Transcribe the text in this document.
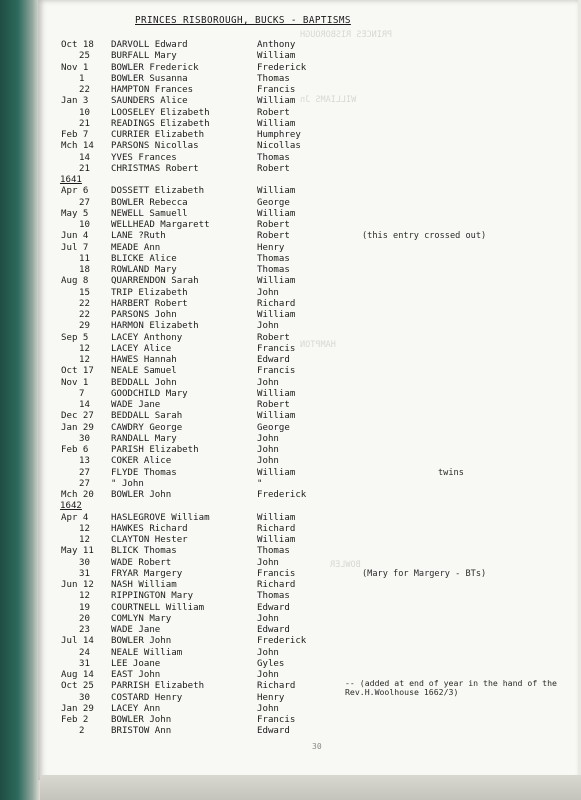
PRINCES RISBOROUGH
WILLIAMS Jn
HAMPTON
BOWLER
PRINCES RISBOROUGH, BUCKS - BAPTISMS
Oct 18 DARVOLL Edward	Anthony
25 BURFALL Mary	William
Nov 1	BOWLER Frederick	Frederick
1	BOWLER Susanna	Thomas
22 HAMPTON Frances	Francis
Jan 3	SAUNDERS Alice	William
10 LOOSELEY Elizabeth	Robert
21 READINGS Elizabeth	William
Feb 7	CURRIER Elizabeth	Humphrey
Mch 14 PARSONS Nicollas	Nicollas
14 YVES Frances	Thomas
21 CHRISTMAS Robert	Robert
1641
Apr 6	DOSSETT Elizabeth	William
27 BOWLER Rebecca	George
May 5	NEWELL Samuell	William
10 WELLHEAD Margarett	Robert
Jun 4	LANE ?Ruth	Robert	(this entry crossed out)
Jul 7	MEADE Ann	Henry
11 BLICKE Alice	Thomas
18 ROWLAND Mary	Thomas
Aug 8	QUARRENDON Sarah	William
15 TRIP Elizabeth	John
22 HARBERT Robert	Richard
22 PARSONS John	William
29 HARMON Elizabeth	John
Sep 5	LACEY Anthony	Robert
12 LACEY Alice	Francis
12 HAWES Hannah	Edward
Oct 17 NEALE Samuel	Francis
Nov 1	BEDDALL John	John
7	GOODCHILD Mary	William
14 WADE Jane	Robert
Dec 27 BEDDALL Sarah	William
Jan 29 CAWDRY George	George
30 RANDALL Mary	John
Feb 6	PARISH Elizabeth	John
13 COKER Alice	John
27 FLYDE Thomas	William	twins
27 " John	"
Mch 20 BOWLER John	Frederick
1642
Apr 4	HASLEGROVE William	William
12 HAWKES Richard	Richard
12 CLAYTON Hester	William
May 11 BLICK Thomas	Thomas
30 WADE Robert	John
31 FRYAR Margery	Francis	(Mary for Margery - BTs)
Jun 12 NASH William	Richard
12 RIPPINGTON Mary	Thomas
19 COURTNELL William	Edward
20 COMLYN Mary	John
23 WADE Jane	Edward
Jul 14 BOWLER John	Frederick
24 NEALE William	John
31 LEE Joane	Gyles
Aug 14 EAST John	John
Oct 25 PARRISH Elizabeth	Richard	-- (added at end of year in the hand of the Rev.H.Woolhouse 1662/3)
30 COSTARD Henry	Henry
Jan 29 LACEY Ann	John
Feb 2	BOWLER John	Francis
2	BRISTOW Ann	Edward
30
